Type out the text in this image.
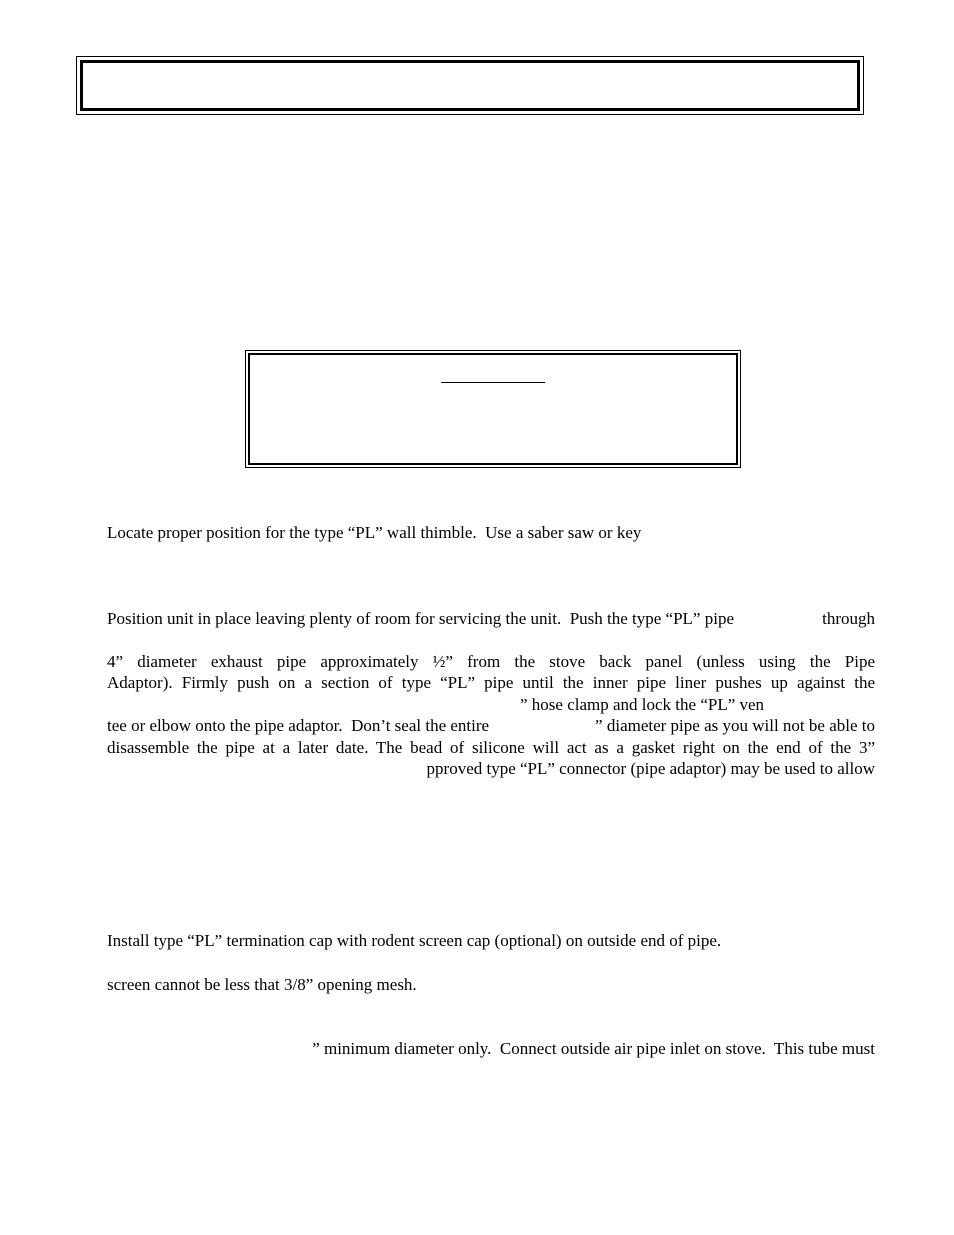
Locate proper position for the type “PL” wall thimble.  Use a saber saw or key
Position unit in place leaving plenty of room for servicing the unit.  Push the type “PL” pipe	through
4” diameter exhaust pipe approximately ½” from the stove back panel (unless using the Pipe
Adaptor). Firmly push on a section of type “PL” pipe until the inner pipe liner pushes up against the
” hose clamp and lock the “PL” ven
tee or elbow onto the pipe adaptor.  Don’t seal the entire	” diameter pipe as you will not be able to
disassemble the pipe at a later date. The bead of silicone will act as a gasket right on the end of the 3”
pproved type “PL” connector (pipe adaptor) may be used to allow
Install type “PL” termination cap with rodent screen cap (optional) on outside end of pipe.
screen cannot be less that 3/8” opening mesh.
” minimum diameter only.  Connect outside air pipe inlet on stove.  This tube must
